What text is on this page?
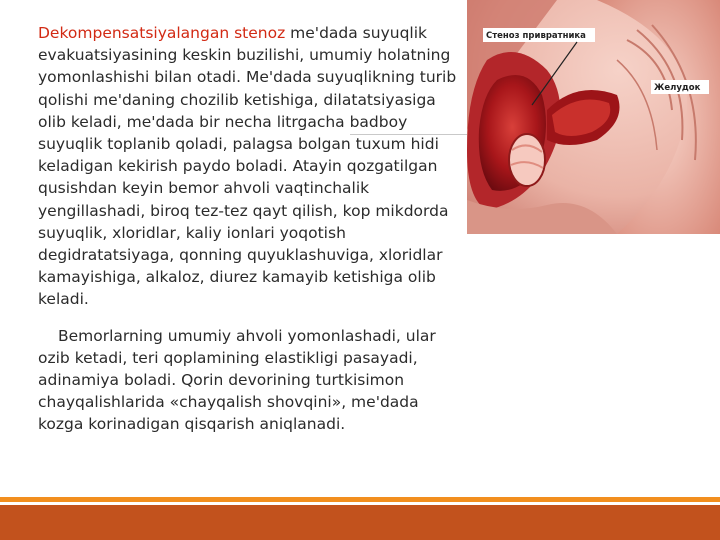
Dekompensatsiyalangan stenoz me'dada suyuqlik evakuatsiyasining keskin buzilishi, umumiy holatning yomonlashishi bilan otadi. Me'dada suyuqlikning turib qolishi me'daning chozilib ketishiga, dilatatsiyasiga olib keladi, me'dada bir necha litrgacha badboy suyuqlik toplanib qoladi, palagsa bolgan tuxum hidi keladigan kekirish paydo boladi. Atayin qozgatilgan qusishdan keyin bemor ahvoli vaqtinchalik yengillashadi, biroq tez-tez qayt qilish, kop mikdorda suyuqlik, xloridlar, kaliy ionlari yoqotish degidratatsiyaga, qonning quyuklashuviga, xloridlar kamayishiga, alkaloz, diurez kamayib ketishiga olib keladi.

Bemorlarning umumiy ahvoli yomonlashadi, ular ozib ketadi, teri qoplamining elastikligi pasayadi, adinamiya boladi. Qorin devorining turtkisimon chayqalishlarida «chayqalish shovqini», me'dada kozga korinadigan qisqarish aniqlanadi.

Стеноз привратника
Желудок
